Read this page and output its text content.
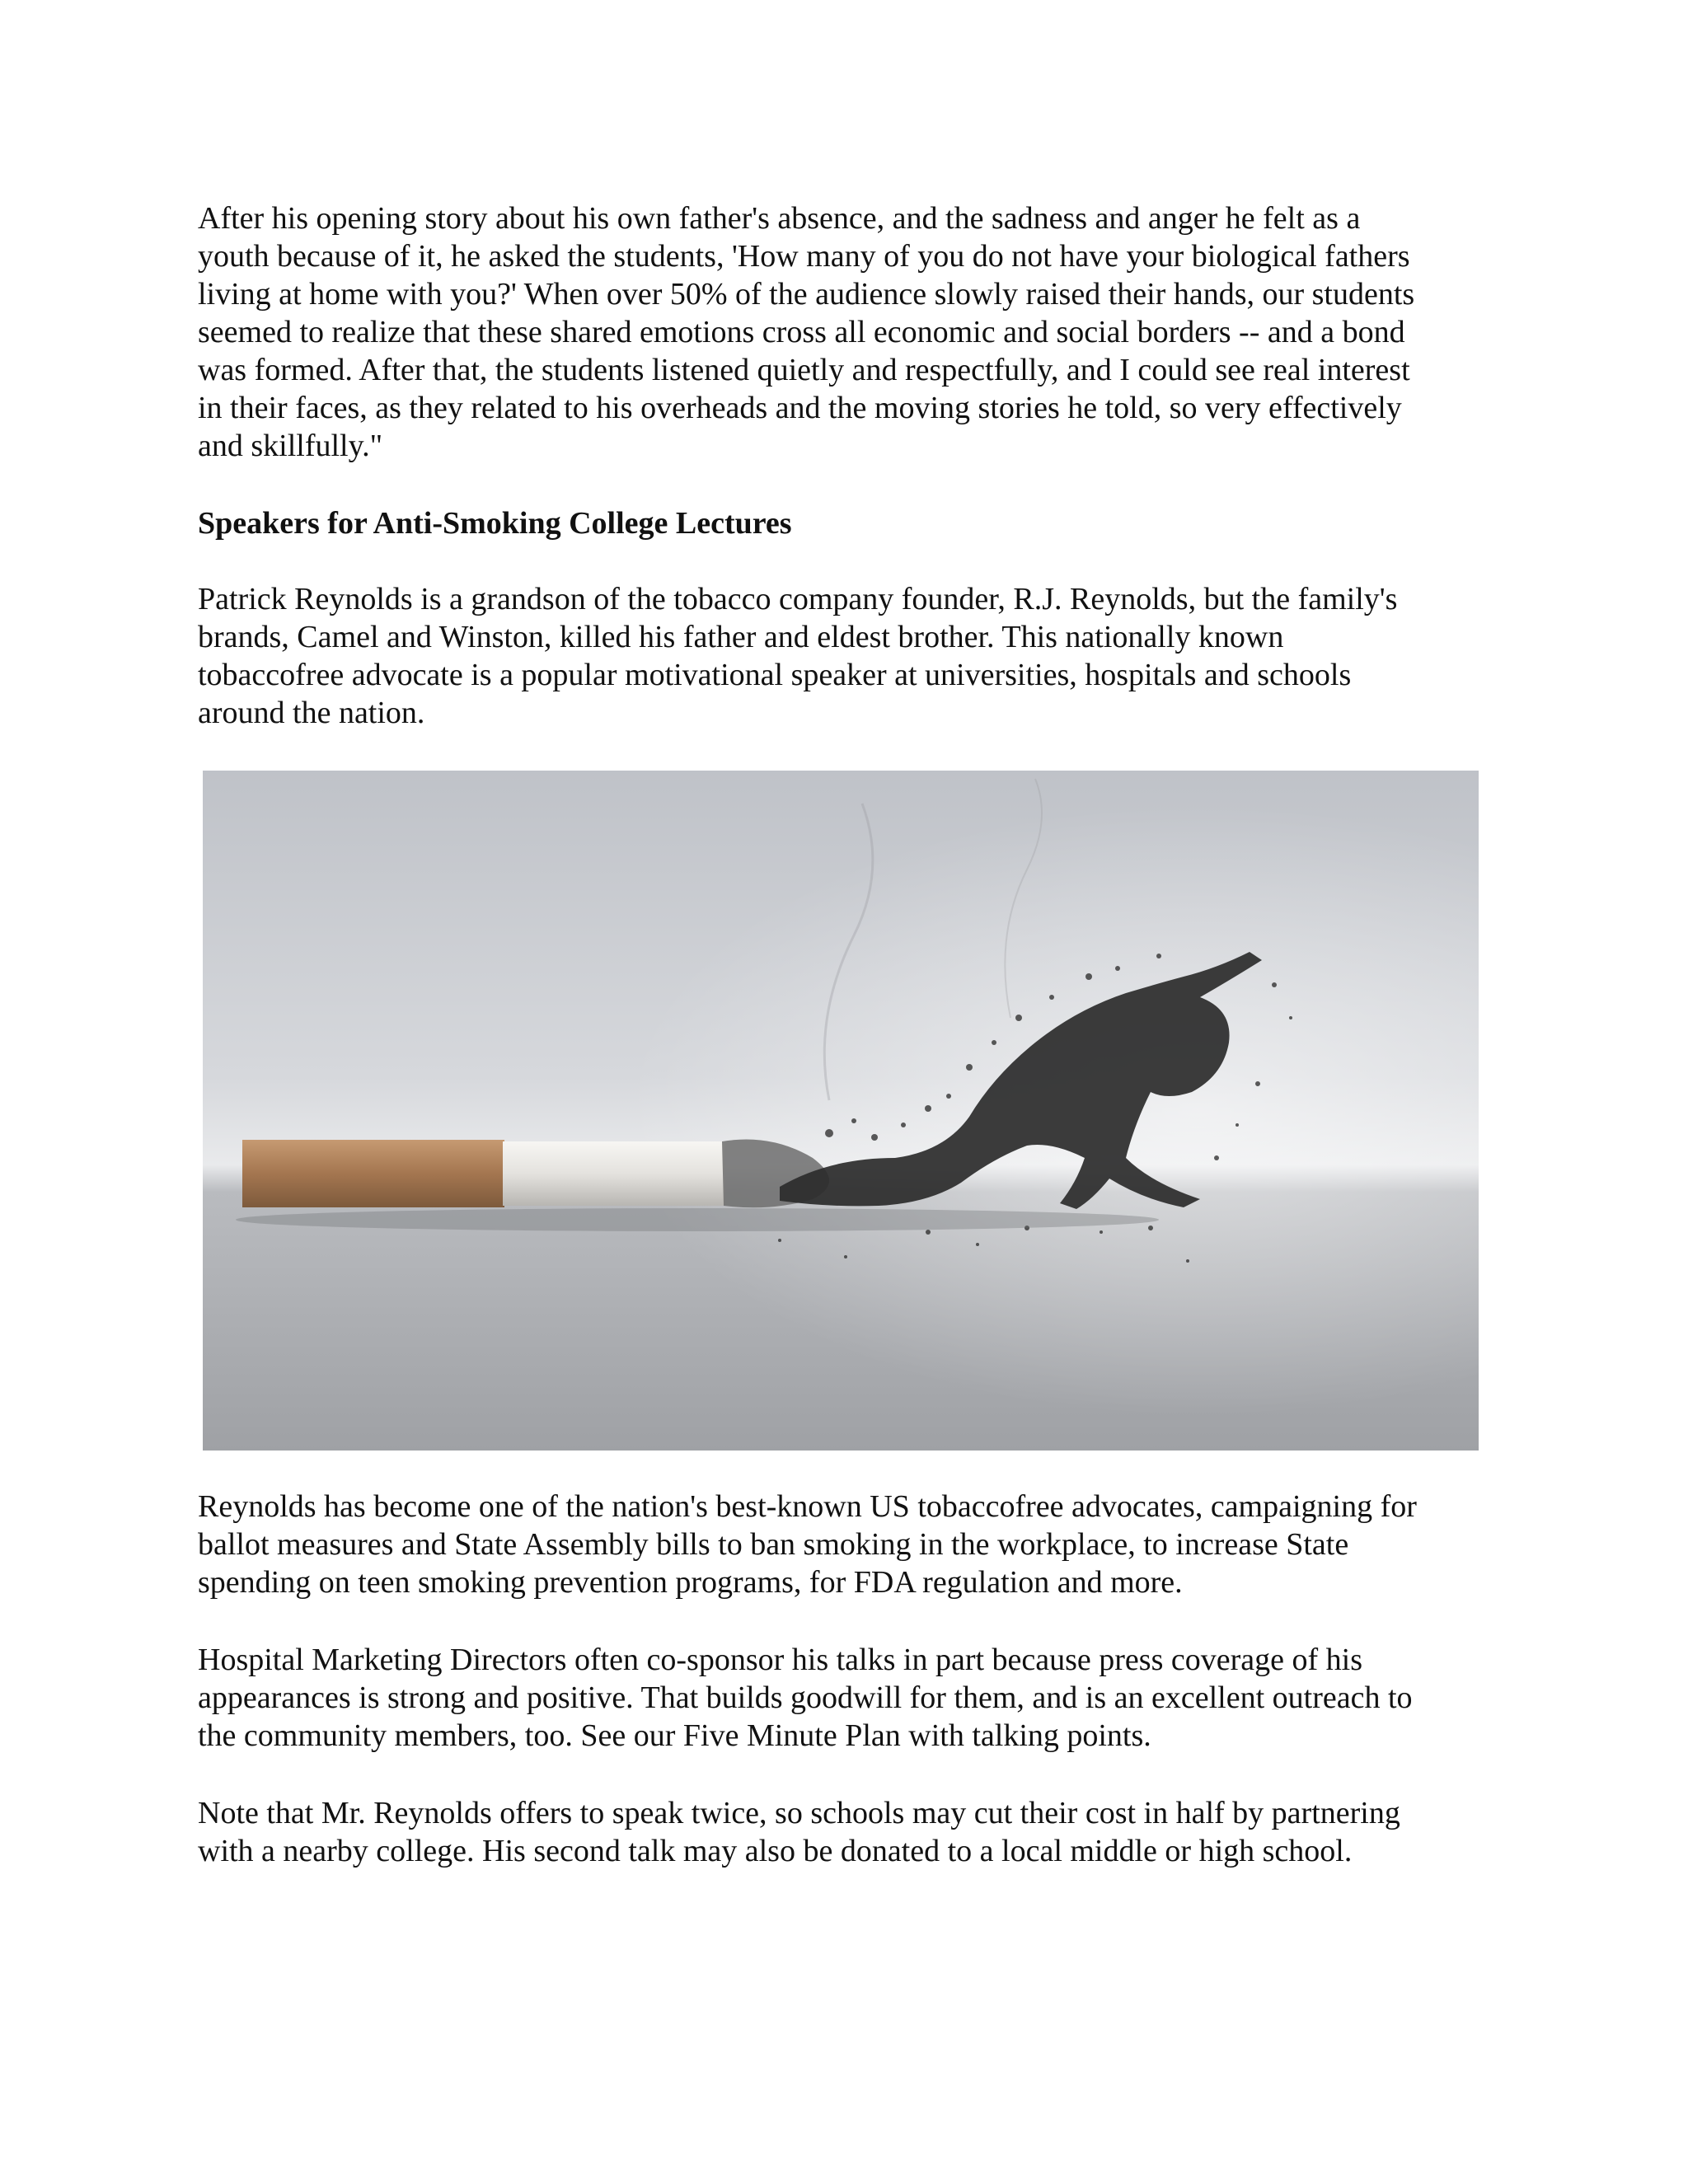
After his opening story about his own father's absence, and the sadness and anger he felt as a
youth because of it, he asked the students, 'How many of you do not have your biological fathers
living at home with you?' When over 50% of the audience slowly raised their hands, our students
seemed to realize that these shared emotions cross all economic and social borders -- and a bond
was formed. After that, the students listened quietly and respectfully, and I could see real interest
in their faces, as they related to his overheads and the moving stories he told, so very effectively
and skillfully."

Speakers for Anti-Smoking College Lectures

Patrick Reynolds is a grandson of the tobacco company founder, R.J. Reynolds, but the family's
brands, Camel and Winston, killed his father and eldest brother. This nationally known
tobaccofree advocate is a popular motivational speaker at universities, hospitals and schools
around the nation.

Reynolds has become one of the nation's best-known US tobaccofree advocates, campaigning for
ballot measures and State Assembly bills to ban smoking in the workplace, to increase State
spending on teen smoking prevention programs, for FDA regulation and more.

Hospital Marketing Directors often co-sponsor his talks in part because press coverage of his
appearances is strong and positive. That builds goodwill for them, and is an excellent outreach to
the community members, too. See our Five Minute Plan with talking points.

Note that Mr. Reynolds offers to speak twice, so schools may cut their cost in half by partnering
with a nearby college. His second talk may also be donated to a local middle or high school.
